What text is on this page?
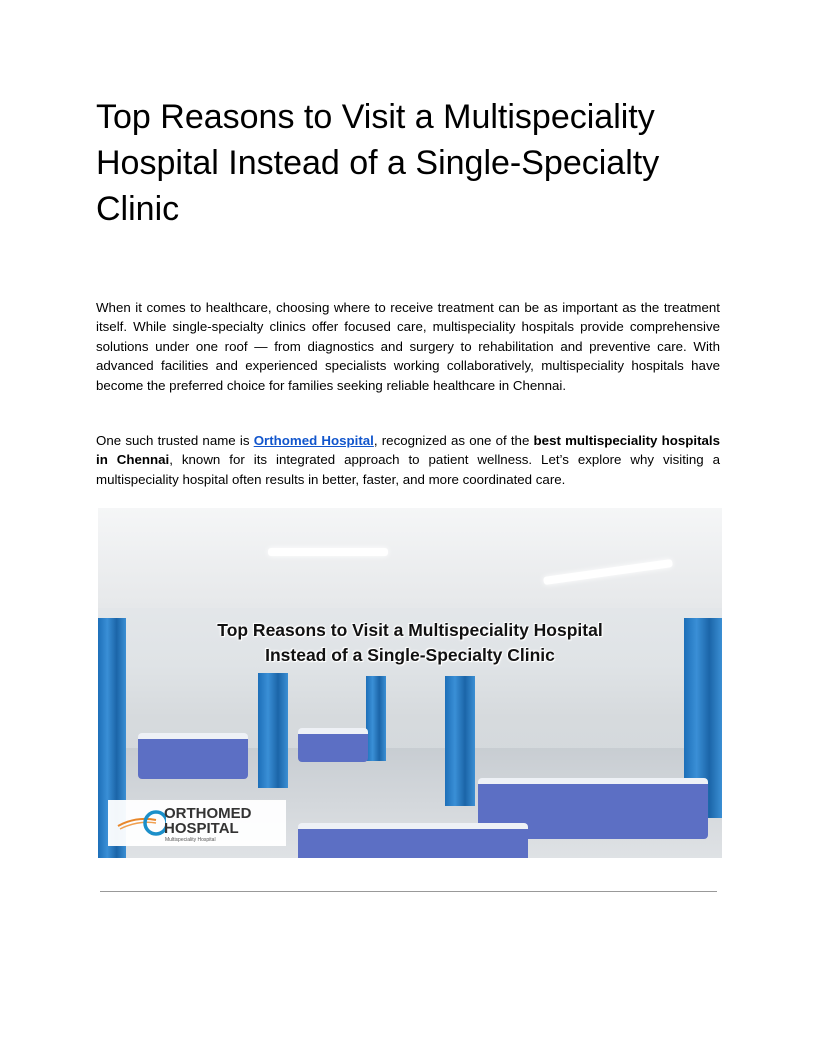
Top Reasons to Visit a Multispeciality Hospital Instead of a Single-Specialty Clinic

When it comes to healthcare, choosing where to receive treatment can be as important as the treatment itself. While single-specialty clinics offer focused care, multispeciality hospitals provide comprehensive solutions under one roof — from diagnostics and surgery to rehabilitation and preventive care. With advanced facilities and experienced specialists working collaboratively, multispeciality hospitals have become the preferred choice for families seeking reliable healthcare in Chennai.

One such trusted name is Orthomed Hospital, recognized as one of the best multispeciality hospitals in Chennai, known for its integrated approach to patient wellness. Let’s explore why visiting a multispeciality hospital often results in better, faster, and more coordinated care.

Top Reasons to Visit a Multispeciality Hospital
Instead of a Single-Specialty Clinic
ORTHOMED
HOSPITAL
Multispeciality Hospital
